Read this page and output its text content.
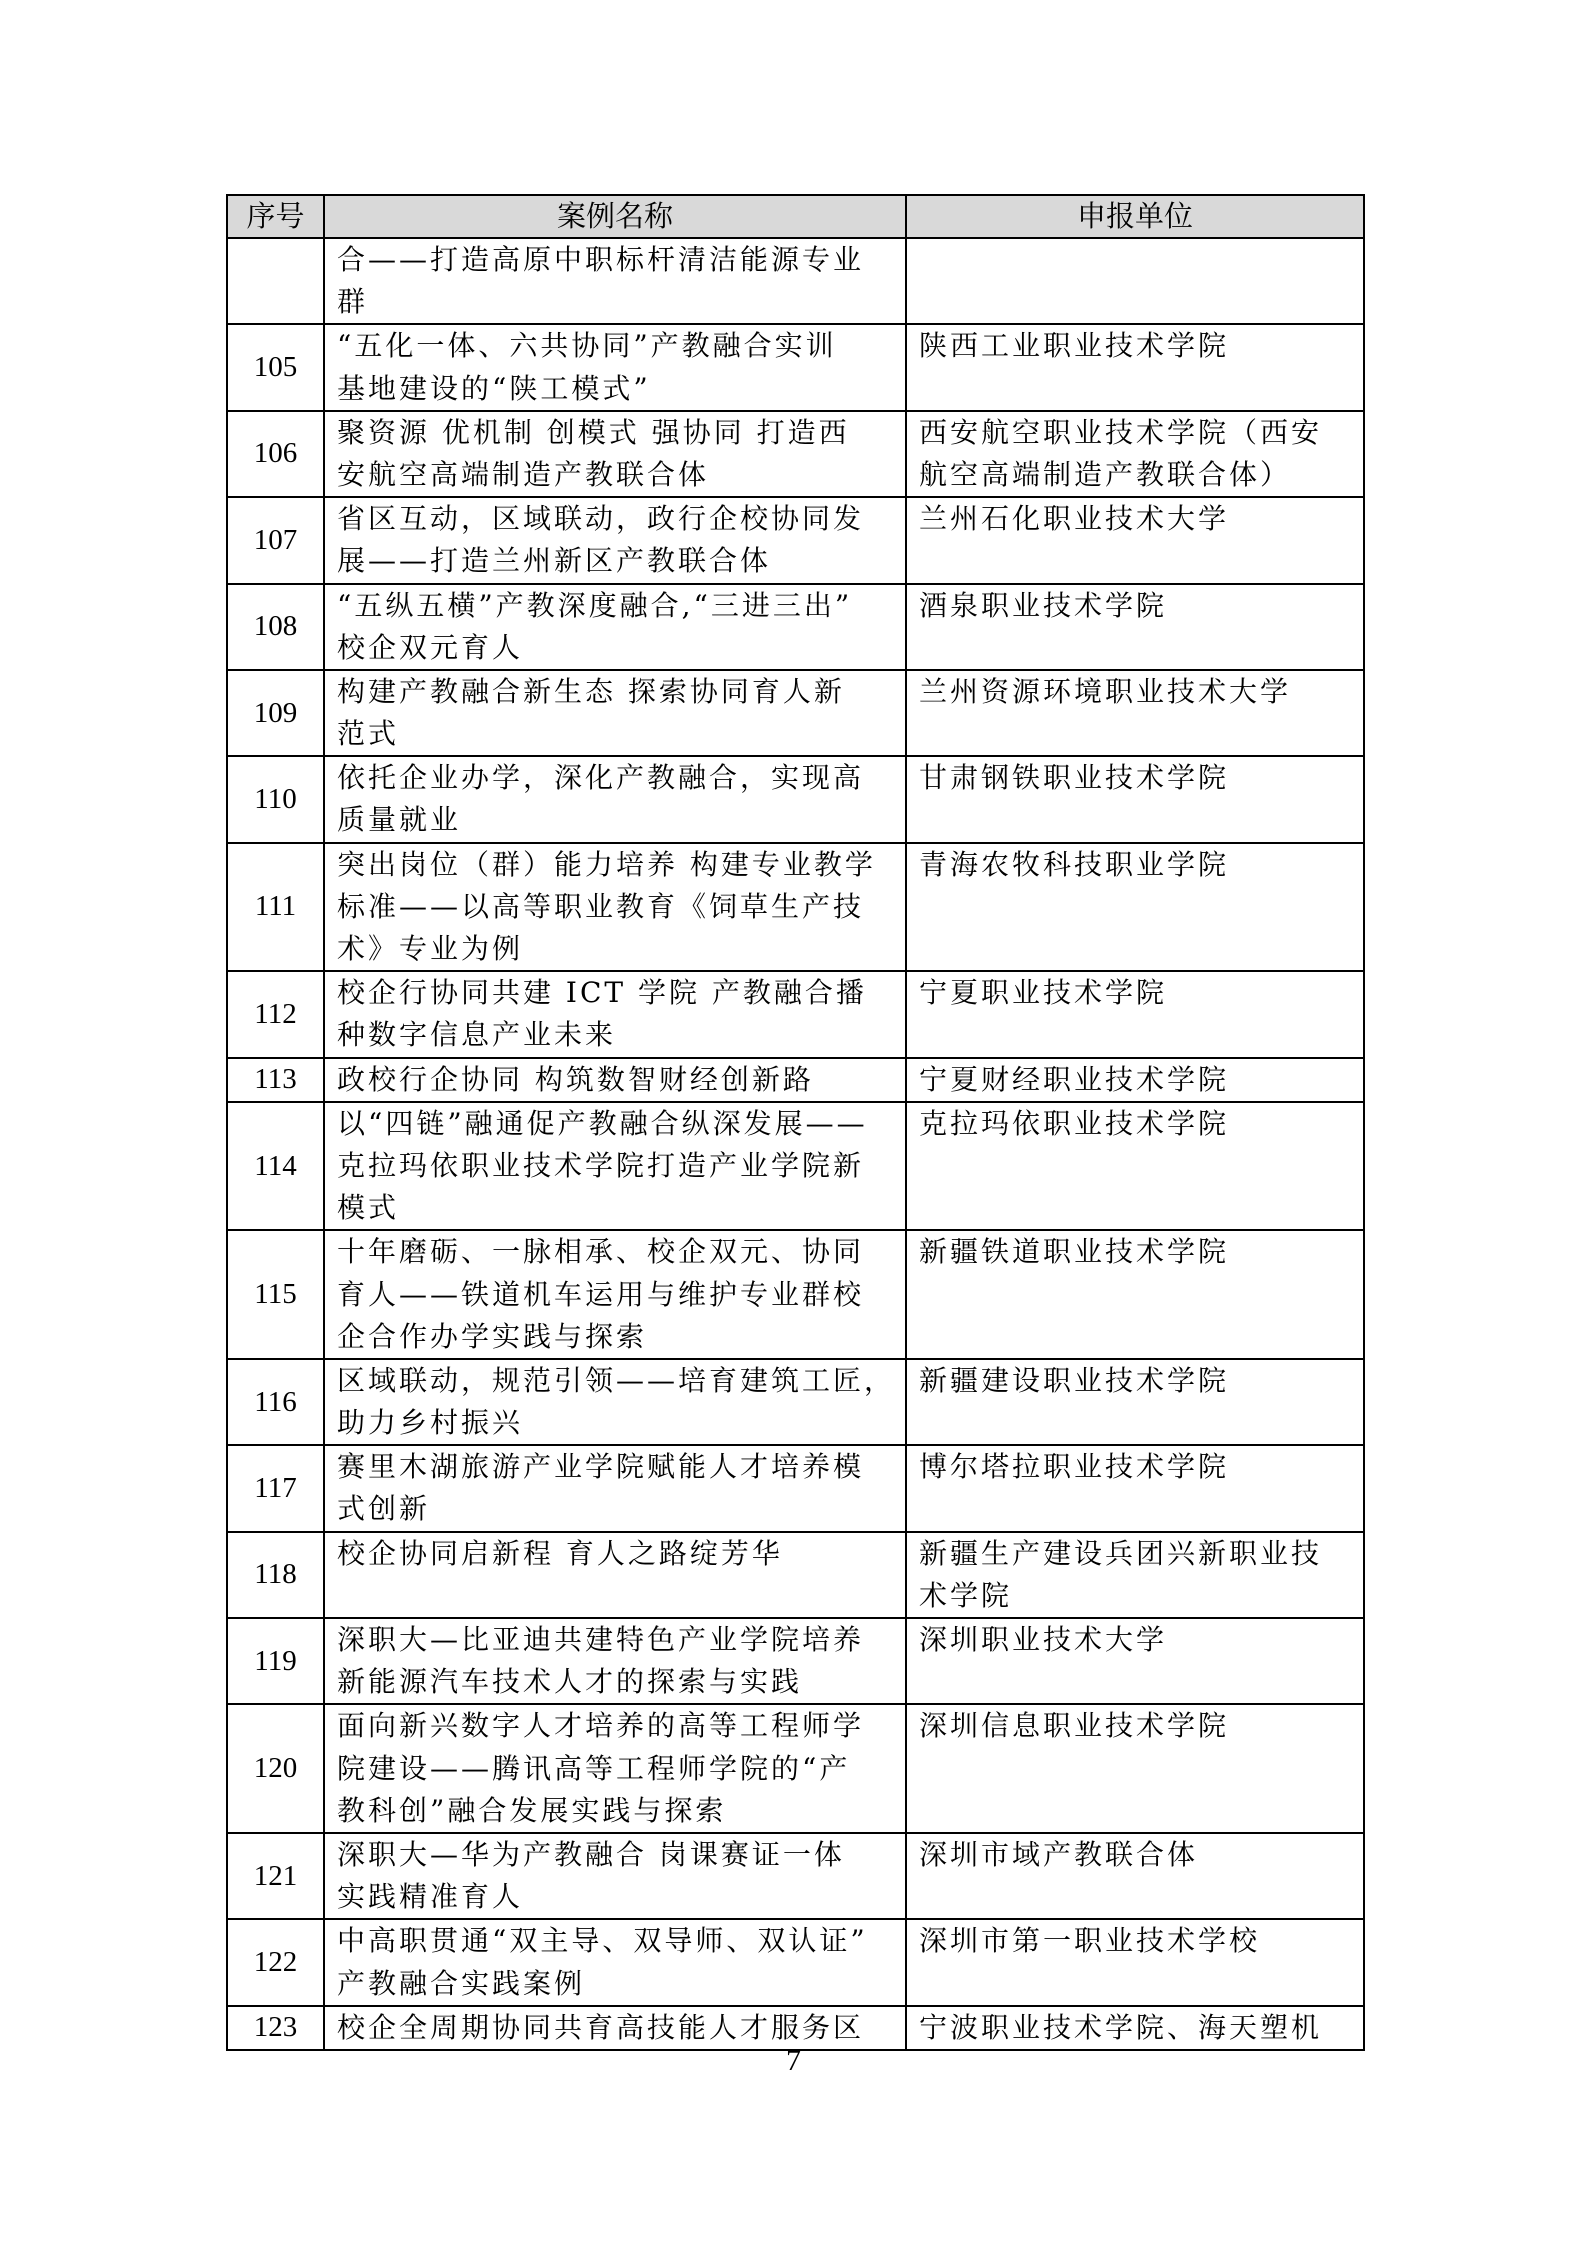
序号	案例名称	申报单位

	合——打造高原中职标杆清洁能源专业
群	

105	“五化一体、六共协同”产教融合实训
基地建设的“陕工模式”	陕西工业职业技术学院

106	聚资源 优机制 创模式 强协同 打造西
安航空高端制造产教联合体	西安航空职业技术学院（西安
航空高端制造产教联合体）

107	省区互动，区域联动，政行企校协同发
展——打造兰州新区产教联合体	兰州石化职业技术大学

108	“五纵五横”产教深度融合,“三进三出”
校企双元育人	酒泉职业技术学院

109	构建产教融合新生态 探索协同育人新
范式	兰州资源环境职业技术大学

110	依托企业办学，深化产教融合，实现高
质量就业	甘肃钢铁职业技术学院

111	突出岗位（群）能力培养 构建专业教学
标准——以高等职业教育《饲草生产技
术》专业为例	青海农牧科技职业学院

112	校企行协同共建 ICT 学院 产教融合播
种数字信息产业未来	宁夏职业技术学院

113	政校行企协同 构筑数智财经创新路	宁夏财经职业技术学院

114	以“四链”融通促产教融合纵深发展——
克拉玛依职业技术学院打造产业学院新
模式	克拉玛依职业技术学院

115	十年磨砺、一脉相承、校企双元、协同
育人——铁道机车运用与维护专业群校
企合作办学实践与探索	新疆铁道职业技术学院

116	区域联动，规范引领——培育建筑工匠，
助力乡村振兴	新疆建设职业技术学院

117	赛里木湖旅游产业学院赋能人才培养模
式创新	博尔塔拉职业技术学院

118	校企协同启新程 育人之路绽芳华	新疆生产建设兵团兴新职业技
术学院

119	深职大—比亚迪共建特色产业学院培养
新能源汽车技术人才的探索与实践	深圳职业技术大学

120	面向新兴数字人才培养的高等工程师学
院建设——腾讯高等工程师学院的“产
教科创”融合发展实践与探索	深圳信息职业技术学院

121	深职大—华为产教融合 岗课赛证一体
实践精准育人	深圳市域产教联合体

122	中高职贯通“双主导、双导师、双认证”
产教融合实践案例	深圳市第一职业技术学校

123	校企全周期协同共育高技能人才服务区	宁波职业技术学院、海天塑机
7
